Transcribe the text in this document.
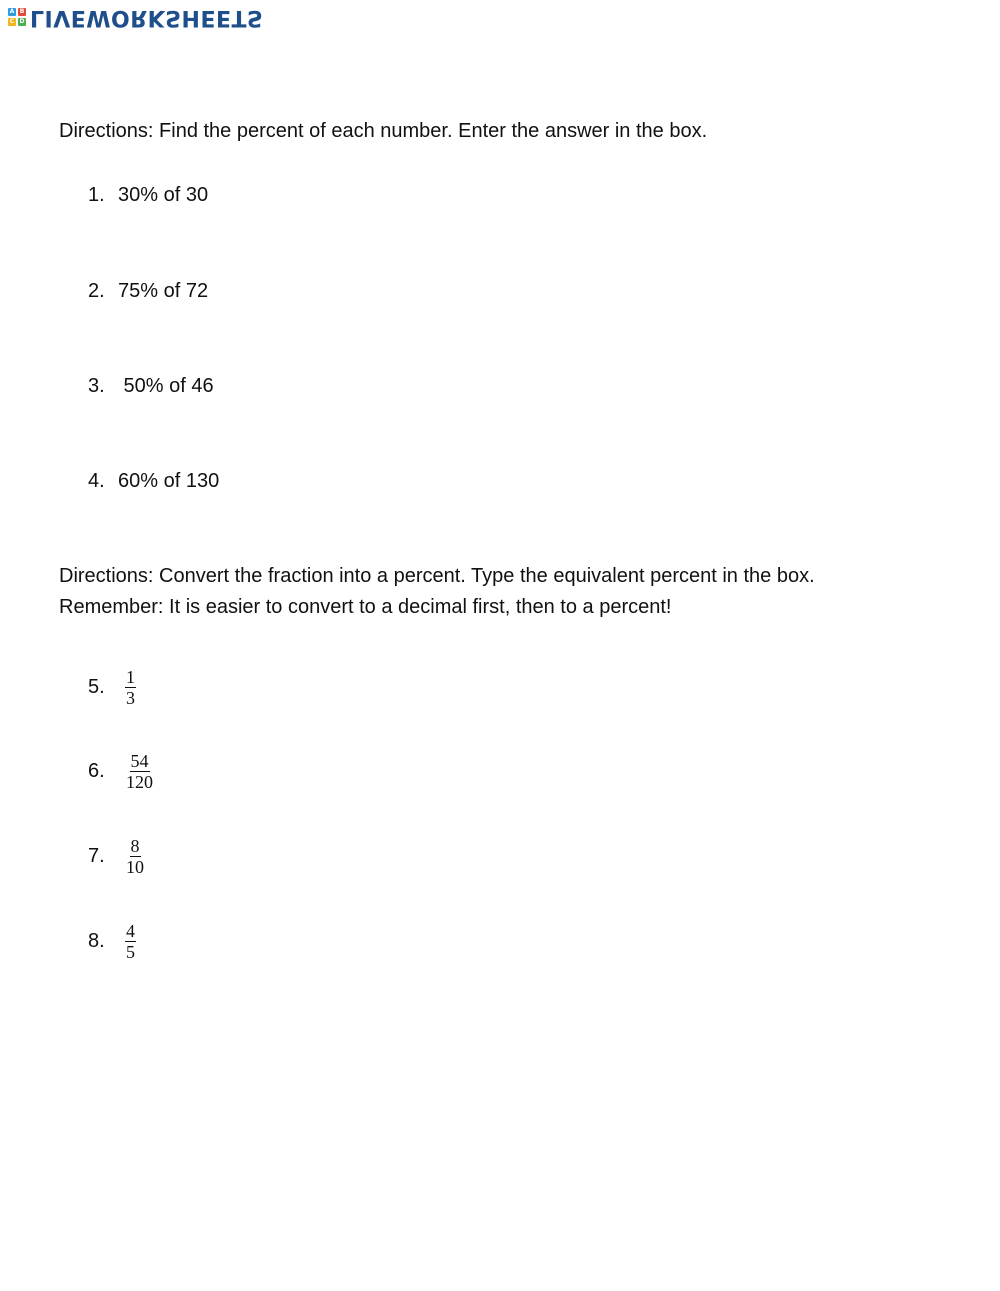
A B
C D LIVEWORKSHEETS

Directions: Find the percent of each number. Enter the answer in the box.

1. 30% of 30
2. 75% of 72
3. 50% of 46
4. 60% of 130

Directions: Convert the fraction into a percent. Type the equivalent percent in the box.

Remember: It is easier to convert to a decimal first, then to a percent!

5.	$\frac{1}{3}$
6.	$\frac{54}{120}$
7.	$\frac{8}{10}$
8.	$\frac{4}{5}$
